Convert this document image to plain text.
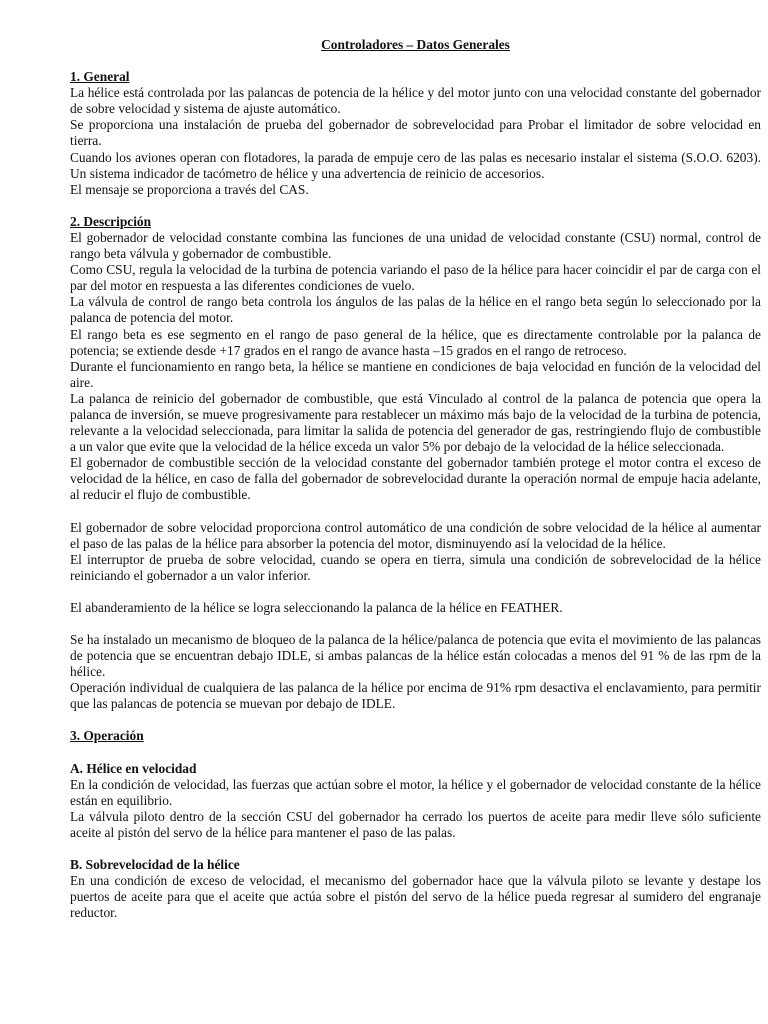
Controladores – Datos Generales
1. General

La hélice está controlada por las palancas de potencia de la hélice y del motor junto con una velocidad constante del gobernador de sobre velocidad y sistema de ajuste automático.

Se proporciona una instalación de prueba del gobernador de sobrevelocidad para Probar el limitador de sobre velocidad en tierra.

Cuando los aviones operan con flotadores, la parada de empuje cero de las palas es necesario instalar el sistema (S.O.O. 6203). Un sistema indicador de tacómetro de hélice y una advertencia de reinicio de accesorios.

El mensaje se proporciona a través del CAS.

2. Descripción

El gobernador de velocidad constante combina las funciones de una unidad de velocidad constante (CSU) normal, control de rango beta válvula y gobernador de combustible.

Como CSU, regula la velocidad de la turbina de potencia variando el paso de la hélice para hacer coincidir el par de carga con el par del motor en respuesta a las diferentes condiciones de vuelo.

La válvula de control de rango beta controla los ángulos de las palas de la hélice en el rango beta según lo seleccionado por la palanca de potencia del motor.

El rango beta es ese segmento en el rango de paso general de la hélice, que es directamente controlable por la palanca de potencia; se extiende desde +17 grados en el rango de avance hasta –15 grados en el rango de retroceso.

Durante el funcionamiento en rango beta, la hélice se mantiene en condiciones de baja velocidad en función de la velocidad del aire.

La palanca de reinicio del gobernador de combustible, que está Vinculado al control de la palanca de potencia que opera la palanca de inversión, se mueve progresivamente para restablecer un máximo más bajo de la velocidad de la turbina de potencia, relevante a la velocidad seleccionada, para limitar la salida de potencia del generador de gas, restringiendo flujo de combustible a un valor que evite que la velocidad de la hélice exceda un valor 5% por debajo de la velocidad de la hélice seleccionada.

El gobernador de combustible sección de la velocidad constante del gobernador también protege el motor contra el exceso de velocidad de la hélice, en caso de falla del gobernador de sobrevelocidad durante la operación normal de empuje hacia adelante, al reducir el flujo de combustible.

El gobernador de sobre velocidad proporciona control automático de una condición de sobre velocidad de la hélice al aumentar el paso de las palas de la hélice para absorber la potencia del motor, disminuyendo así la velocidad de la hélice.

El interruptor de prueba de sobre velocidad, cuando se opera en tierra, simula una condición de sobrevelocidad de la hélice reiniciando el gobernador a un valor inferior.

El abanderamiento de la hélice se logra seleccionando la palanca de la hélice en FEATHER.

Se ha instalado un mecanismo de bloqueo de la palanca de la hélice/palanca de potencia que evita el movimiento de las palancas de potencia que se encuentran debajo IDLE, si ambas palancas de la hélice están colocadas a menos del 91 % de las rpm de la hélice.

Operación individual de cualquiera de las palanca de la hélice por encima de 91% rpm desactiva el enclavamiento, para permitir que las palancas de potencia se muevan por debajo de IDLE.

3. Operación
A. Hélice en velocidad

En la condición de velocidad, las fuerzas que actúan sobre el motor, la hélice y el gobernador de velocidad constante de la hélice están en equilibrio.

La válvula piloto dentro de la sección CSU del gobernador ha cerrado los puertos de aceite para medir lleve sólo suficiente aceite al pistón del servo de la hélice para mantener el paso de las palas.

B. Sobrevelocidad de la hélice

En una condición de exceso de velocidad, el mecanismo del gobernador hace que la válvula piloto se levante y destape los puertos de aceite para que el aceite que actúa sobre el pistón del servo de la hélice pueda regresar al sumidero del engranaje reductor.
